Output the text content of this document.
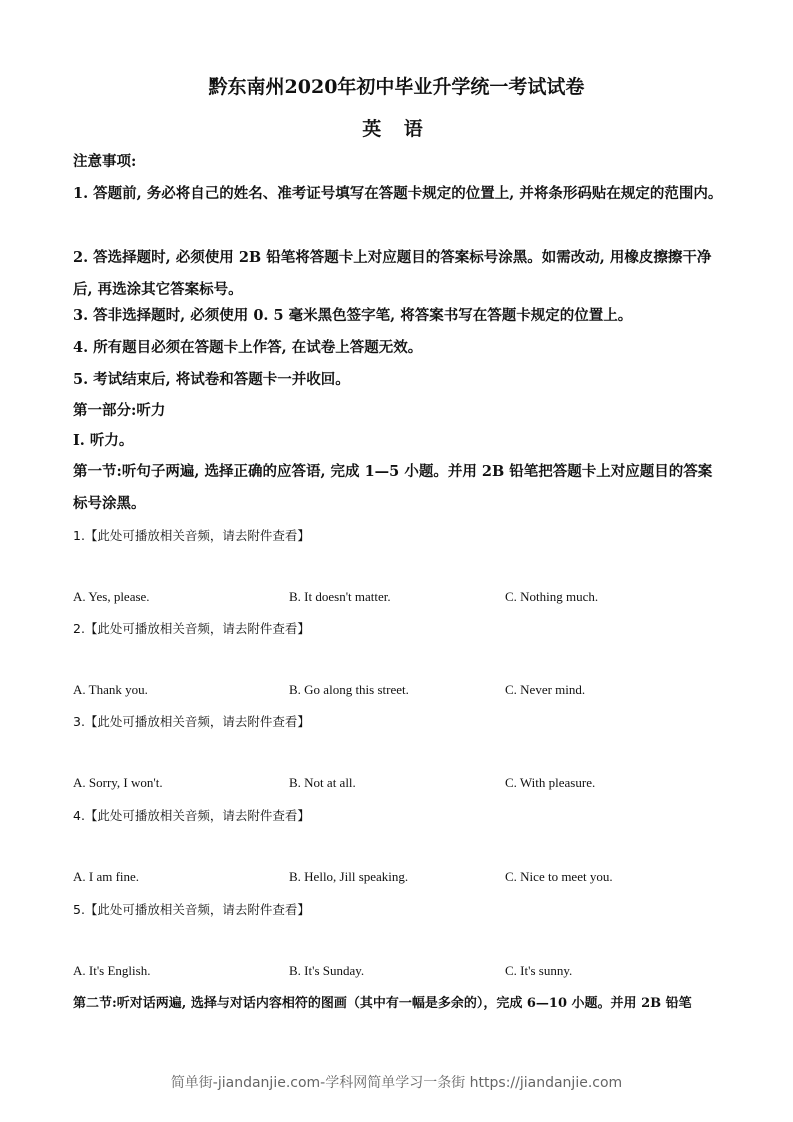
黔东南州2020年初中毕业升学统一考试试卷
英 语
注意事项:
1. 答题前, 务必将自己的姓名、准考证号填写在答题卡规定的位置上, 并将条形码贴在规定的范围内。
2. 答选择题时, 必须使用 2B 铅笔将答题卡上对应题目的答案标号涂黑。如需改动, 用橡皮擦擦干净后, 再选涂其它答案标号。
3. 答非选择题时, 必须使用 0. 5 毫米黑色签字笔, 将答案书写在答题卡规定的位置上。
4. 所有题目必须在答题卡上作答, 在试卷上答题无效。
5. 考试结束后, 将试卷和答题卡一并收回。
第一部分:听力
I. 听力。
第一节:听句子两遍, 选择正确的应答语, 完成 1—5 小题。并用 2B 铅笔把答题卡上对应题目的答案标号涂黑。
1.【此处可播放相关音频，请去附件查看】
A. Yes, please.	B. It doesn't matter.	C. Nothing much.
2.【此处可播放相关音频，请去附件查看】
A. Thank you.	B. Go along this street.	C. Never mind.
3.【此处可播放相关音频，请去附件查看】
A. Sorry, I won't.	B. Not at all.	C. With pleasure.
4.【此处可播放相关音频，请去附件查看】
A. I am fine.	B. Hello, Jill speaking.	C. Nice to meet you.
5.【此处可播放相关音频，请去附件查看】
A. It's English.	B. It's Sunday.	C. It's sunny.
第二节:听对话两遍, 选择与对话内容相符的图画（其中有一幅是多余的），完成 6—10 小题。并用 2B 铅笔
简单街-jiandanjie.com-学科网简单学习一条街 https://jiandanjie.com
